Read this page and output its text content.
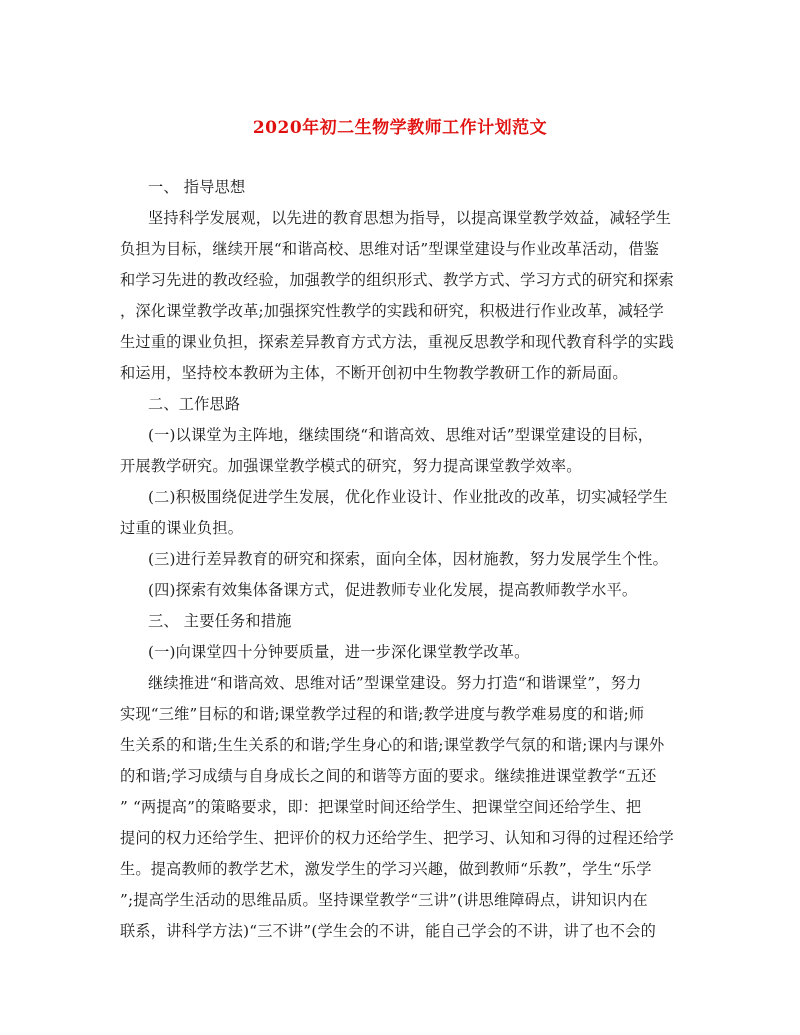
2020年初二生物学教师工作计划范文
一、 指导思想
坚持科学发展观，以先进的教育思想为指导，以提高课堂教学效益，减轻学生
负担为目标，继续开展“和谐高校、思维对话”型课堂建设与作业改革活动，借鉴
和学习先进的教改经验，加强教学的组织形式、教学方式、学习方式的研究和探索
，深化课堂教学改革;加强探究性教学的实践和研究，积极进行作业改革，减轻学
生过重的课业负担，探索差异教育方式方法，重视反思教学和现代教育科学的实践
和运用，坚持校本教研为主体，不断开创初中生物教学教研工作的新局面。
二、工作思路
(一)以课堂为主阵地，继续围绕“和谐高效、思维对话”型课堂建设的目标，
开展教学研究。加强课堂教学模式的研究，努力提高课堂教学效率。
(二)积极围绕促进学生发展，优化作业设计、作业批改的改革，切实减轻学生
过重的课业负担。
(三)进行差异教育的研究和探索，面向全体，因材施教，努力发展学生个性。
(四)探索有效集体备课方式，促进教师专业化发展，提高教师教学水平。
三、 主要任务和措施
(一)向课堂四十分钟要质量，进一步深化课堂教学改革。
继续推进“和谐高效、思维对话”型课堂建设。努力打造“和谐课堂”，努力
实现“三维”目标的和谐;课堂教学过程的和谐;教学进度与教学难易度的和谐;师
生关系的和谐;生生关系的和谐;学生身心的和谐;课堂教学气氛的和谐;课内与课外
的和谐;学习成绩与自身成长之间的和谐等方面的要求。继续推进课堂教学“五还
” “两提高”的策略要求，即：把课堂时间还给学生、把课堂空间还给学生、把
提问的权力还给学生、把评价的权力还给学生、把学习、认知和习得的过程还给学
生。提高教师的教学艺术，激发学生的学习兴趣，做到教师“乐教”，学生“乐学
”;提高学生活动的思维品质。坚持课堂教学“三讲”(讲思维障碍点，讲知识内在
联系，讲科学方法)“三不讲”(学生会的不讲，能自己学会的不讲，讲了也不会的
